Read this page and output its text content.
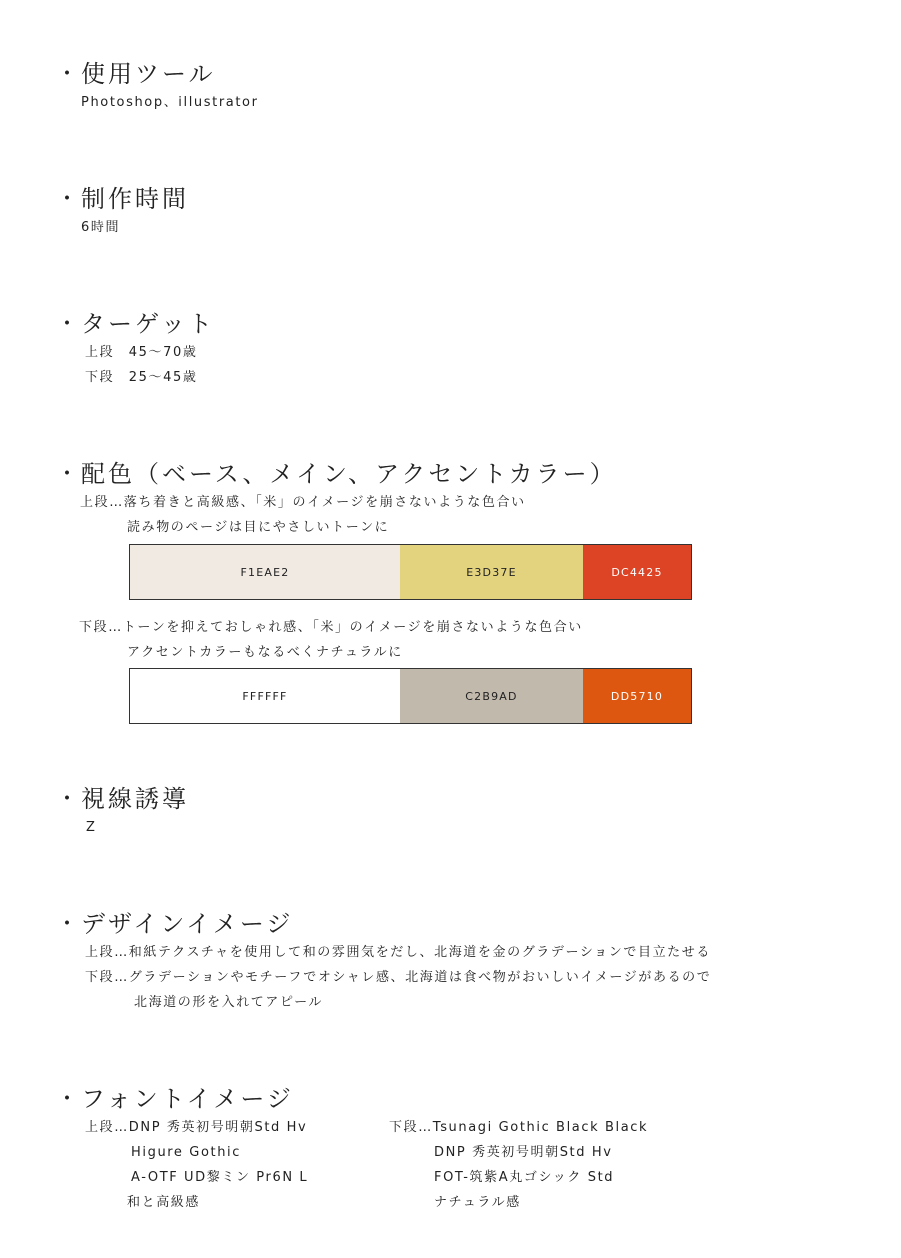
・ 使用ツール
Photoshop、illustrator
・ 制作時間
6時間
・ ターゲット
上段　45〜70歳
下段　25〜45歳
・ 配色（ベース、メイン、アクセントカラー）
上段…落ち着きと高級感、「米」のイメージを崩さないような色合い
読み物のページは目にやさしいトーンに
F1EAE2	E3D37E	DC4425
下段…トーンを抑えておしゃれ感、「米」のイメージを崩さないような色合い
アクセントカラーもなるべくナチュラルに
FFFFFF	C2B9AD	DD5710
・ 視線誘導
Z
・ デザインイメージ
上段…和紙テクスチャを使用して和の雰囲気をだし、北海道を金のグラデーションで目立たせる
下段…グラデーションやモチーフでオシャレ感、北海道は食べ物がおいしいイメージがあるので
北海道の形を入れてアピール
・ フォントイメージ
上段…DNP 秀英初号明朝Std Hv
Higure Gothic
A-OTF UD黎ミン Pr6N L
和と高級感
下段…Tsunagi Gothic Black Black
DNP 秀英初号明朝Std Hv
FOT-筑紫A丸ゴシック Std
ナチュラル感
